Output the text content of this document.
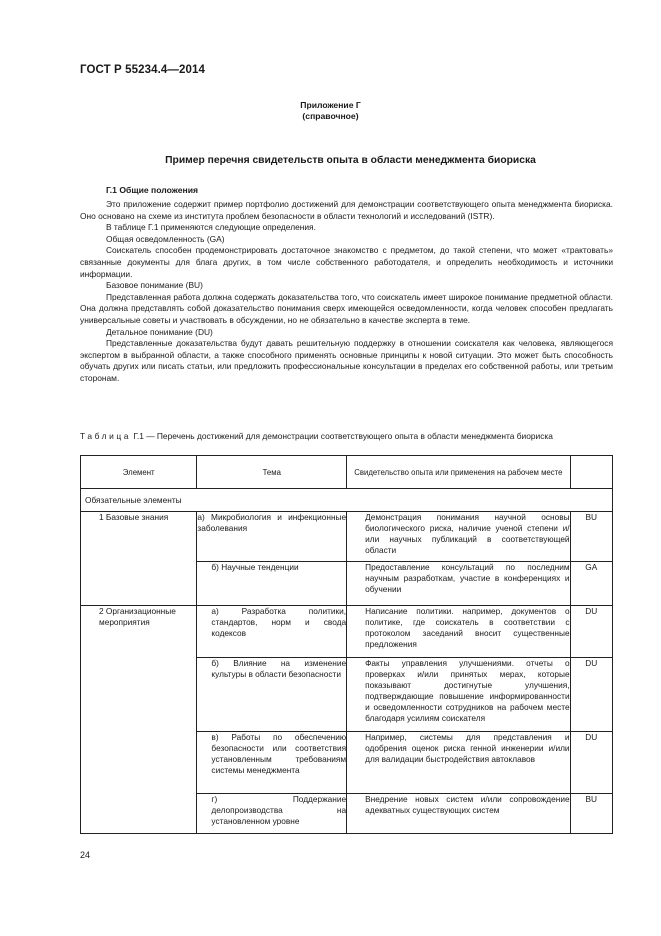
ГОСТ Р 55234.4—2014
Приложение Г
(справочное)
Пример перечня свидетельств опыта в области менеджмента биориска
Г.1 Общие положения

Это приложение содержит пример портфолио достижений для демонстрации соответствующего опыта менеджмента биориска. Оно основано на схеме из института проблем безопасности в области технологий и исследований (ISTR).

В таблице Г.1 применяются следующие определения.

Общая осведомленность (GA)

Соискатель способен продемонстрировать достаточное знакомство с предметом, до такой степени, что может «трактовать» связанные документы для блага других, в том числе собственного работодателя, и определить необходимость и источники информации.

Базовое понимание (BU)

Представленная работа должна содержать доказательства того, что соискатель имеет широкое понимание предметной области. Она должна представлять собой доказательство понимания сверх имеющейся осведомленности, когда человек способен предлагать универсальные советы и участвовать в обсуждении, но не обязательно в качестве эксперта в теме.

Детальное понимание (DU)

Представленные доказательства будут давать решительную поддержку в отношении соискателя как человека, являющегося экспертом в выбранной области, а также способного применять основные принципы к новой ситуации. Это может быть способность обучать других или писать статьи, или предложить профессиональные консультации в пределах его собственной работы, или третьим сторонам.

Таблица Г.1 — Перечень достижений для демонстрации соответствующего опыта в области менеджмента биориска
Элемент	Тема	Свидетельство опыта или применения на рабочем месте	
Обязательные элементы			
1 Базовые знания	а) Микробиология и инфекционные заболевания	Демонстрация понимания научной основы биологического риска, наличие ученой степени и/или научных публикаций в соответствующей области	BU
	б) Научные тенденции	Предоставление консультаций по последним научным разработкам, участие в конференциях и обучении	GA
2 Организационные мероприятия	а) Разработка политики, стандартов, норм и свода кодексов	Написание политики. например, документов о политике, где соискатель в соответствии с протоколом заседаний вносит существенные предложения	DU
	б) Влияние на изменение культуры в области безопасности	Факты управления улучшениями. отчеты о проверках и/или принятых мерах, которые показывают достигнутые улучшения, подтверждающие повышение информированности и осведомленности сотрудников на рабочем месте благодаря усилиям соискателя	DU
	в) Работы по обеспечению безопасности или соответствия установленным требованиям системы менеджмента	Например, системы для представления и одобрения оценок риска генной инженерии и/или для валидации быстродействия автоклавов	DU
	г) Поддержание делопроизводства на установленном уровне	Внедрение новых систем и/или сопровождение адекватных существующих систем	BU
24
